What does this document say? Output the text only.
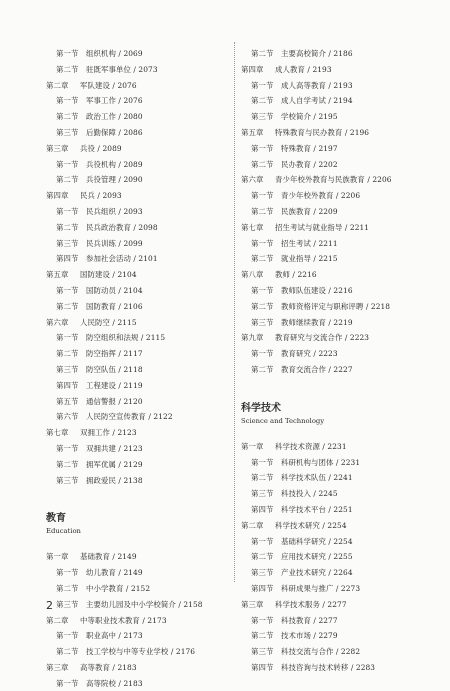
第一节 组织机构 / 2069
第二节 驻既军事单位 / 2073
第二章 军队建设 / 2076
第一节 军事工作 / 2076
第二节 政治工作 / 2080
第三节 后勤保障 / 2086
第三章 兵役 / 2089
第一节 兵役机构 / 2089
第二节 兵役管理 / 2090
第四章 民兵 / 2093
第一节 民兵组织 / 2093
第二节 民兵政治教育 / 2098
第三节 民兵训练 / 2099
第四节 参加社会活动 / 2101
第五章 国防建设 / 2104
第一节 国防动员 / 2104
第二节 国防教育 / 2106
第六章 人民防空 / 2115
第一节 防空组织和法规 / 2115
第二节 防空指挥 / 2117
第三节 防空队伍 / 2118
第四节 工程建设 / 2119
第五节 通信警报 / 2120
第六节 人民防空宣传教育 / 2122
第七章 双拥工作 / 2123
第一节 双拥共建 / 2123
第二节 拥军优属 / 2129
第三节 拥政爱民 / 2138
教育
Education
第一章 基础教育 / 2149
第一节 幼儿教育 / 2149
第二节 中小学教育 / 2152
第三节 主要幼儿园及中小学校简介 / 2158
第二章 中等职业技术教育 / 2173
第一节 职业高中 / 2173
第二节 技工学校与中等专业学校 / 2176
第三章 高等教育 / 2183
第一节 高等院校 / 2183
第二节 主要高校简介 / 2186
第四章 成人教育 / 2193
第一节 成人高等教育 / 2193
第二节 成人自学考试 / 2194
第三节 学校简介 / 2195
第五章 特殊教育与民办教育 / 2196
第一节 特殊教育 / 2197
第二节 民办教育 / 2202
第六章 青少年校外教育与民族教育 / 2206
第一节 青少年校外教育 / 2206
第二节 民族教育 / 2209
第七章 招生考试与就业指导 / 2211
第一节 招生考试 / 2211
第二节 就业指导 / 2215
第八章 教师 / 2216
第一节 教师队伍建设 / 2216
第二节 教师资格评定与职称评聘 / 2218
第三节 教师继续教育 / 2219
第九章 教育研究与交流合作 / 2223
第一节 教育研究 / 2223
第二节 教育交流合作 / 2227
科学技术
Science and Technology
第一章 科学技术资源 / 2231
第一节 科研机构与团体 / 2231
第二节 科学技术队伍 / 2241
第三节 科技投入 / 2245
第四节 科学技术平台 / 2251
第二章 科学技术研究 / 2254
第一节 基础科学研究 / 2254
第二节 应用技术研究 / 2255
第三节 产业技术研究 / 2264
第四节 科研成果与推广 / 2273
第三章 科学技术服务 / 2277
第一节 科技教育 / 2277
第二节 技术市场 / 2279
第三节 科技交流与合作 / 2282
第四节 科技咨询与技术转移 / 2283
2
